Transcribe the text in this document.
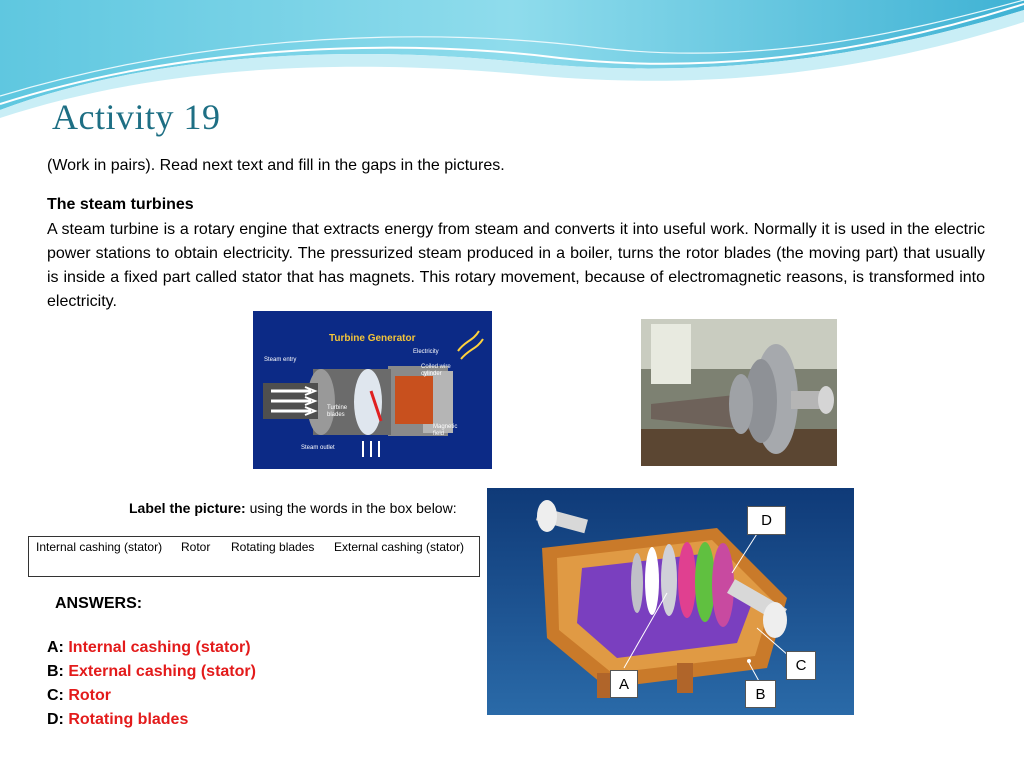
Activity 19
(Work in pairs). Read next text and fill in the gaps in the pictures.
The steam turbines
A steam turbine is a rotary engine that extracts energy from steam and converts it into useful work. Normally it is used in the electric power stations to obtain electricity. The pressurized steam produced in a boiler, turns the rotor blades (the moving part) that usually is inside a fixed part called stator that has magnets. This rotary movement, because of electromagnetic reasons, is transformed into electricity.
Turbine Generator
Steam entry
Electricity
Coiled wire
cylinder
Turbine
blades
Magnetic
field
Steam outlet
Label the picture: using the words in the box below:
Internal cashing (stator) Rotor Rotating blades External cashing (stator)
D
C
A
B
ANSWERS:
A: Internal cashing (stator)
B: External cashing (stator)
C: Rotor
D: Rotating blades
